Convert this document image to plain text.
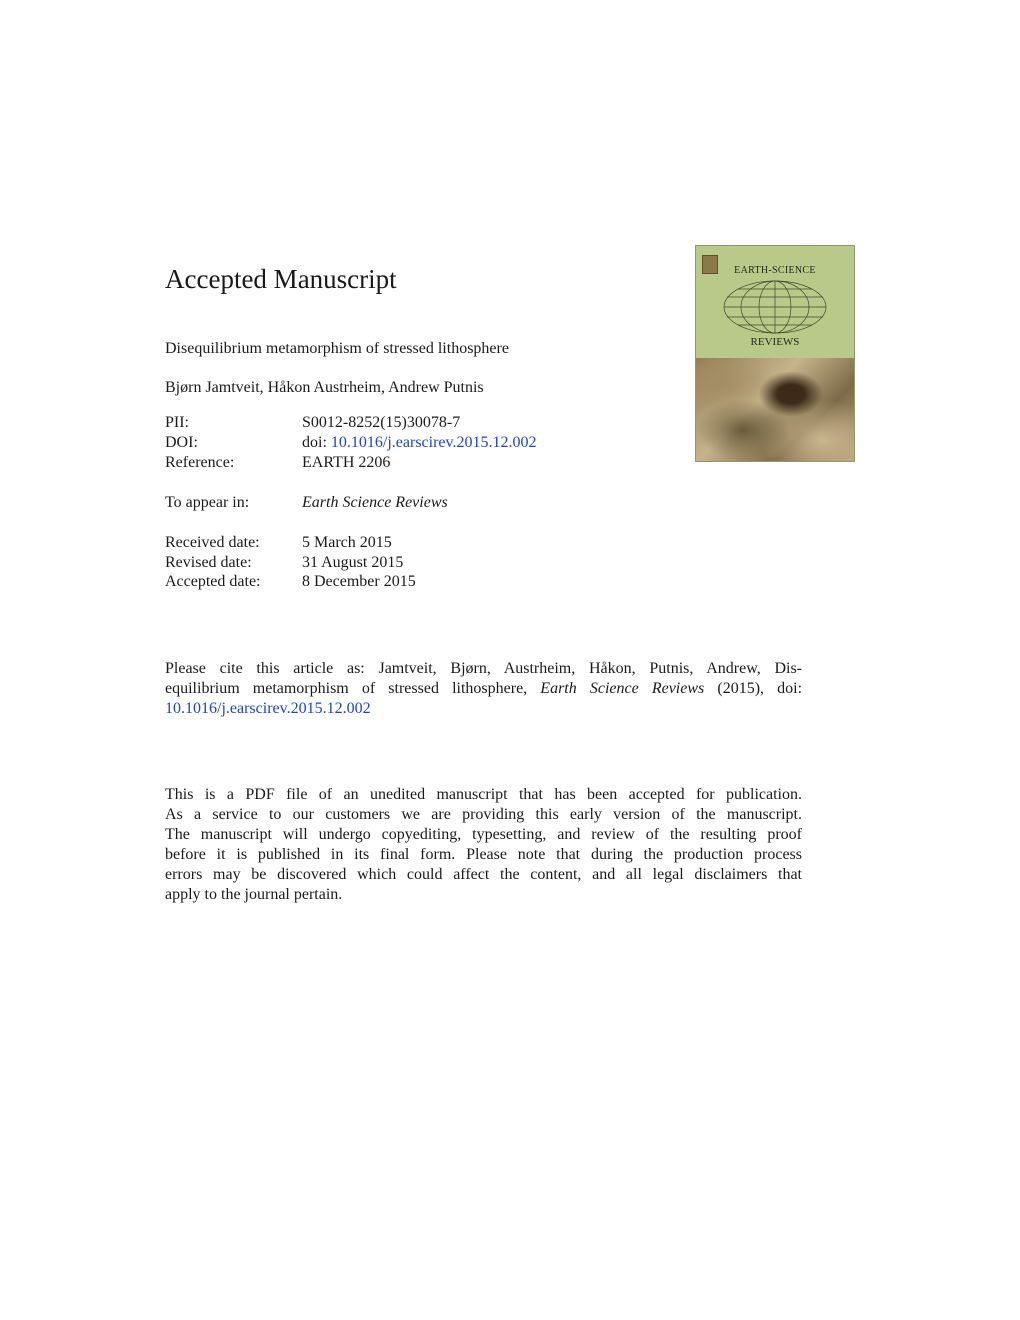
Accepted Manuscript
Disequilibrium metamorphism of stressed lithosphere
Bjørn Jamtveit, Håkon Austrheim, Andrew Putnis
PII:	S0012-8252(15)30078-7
DOI:	doi: 10.1016/j.earscirev.2015.12.002
Reference:	EARTH 2206
To appear in:	Earth Science Reviews
Received date:	5 March 2015
Revised date:	31 August 2015
Accepted date:	8 December 2015
Please cite this article as: Jamtveit, Bjørn, Austrheim, Håkon, Putnis, Andrew, Dis-
equilibrium metamorphism of stressed lithosphere, Earth Science Reviews (2015), doi:
10.1016/j.earscirev.2015.12.002
This is a PDF file of an unedited manuscript that has been accepted for publication.
As a service to our customers we are providing this early version of the manuscript.
The manuscript will undergo copyediting, typesetting, and review of the resulting proof
before it is published in its final form. Please note that during the production process
errors may be discovered which could affect the content, and all legal disclaimers that
apply to the journal pertain.
EARTH-SCIENCE
REVIEWS
